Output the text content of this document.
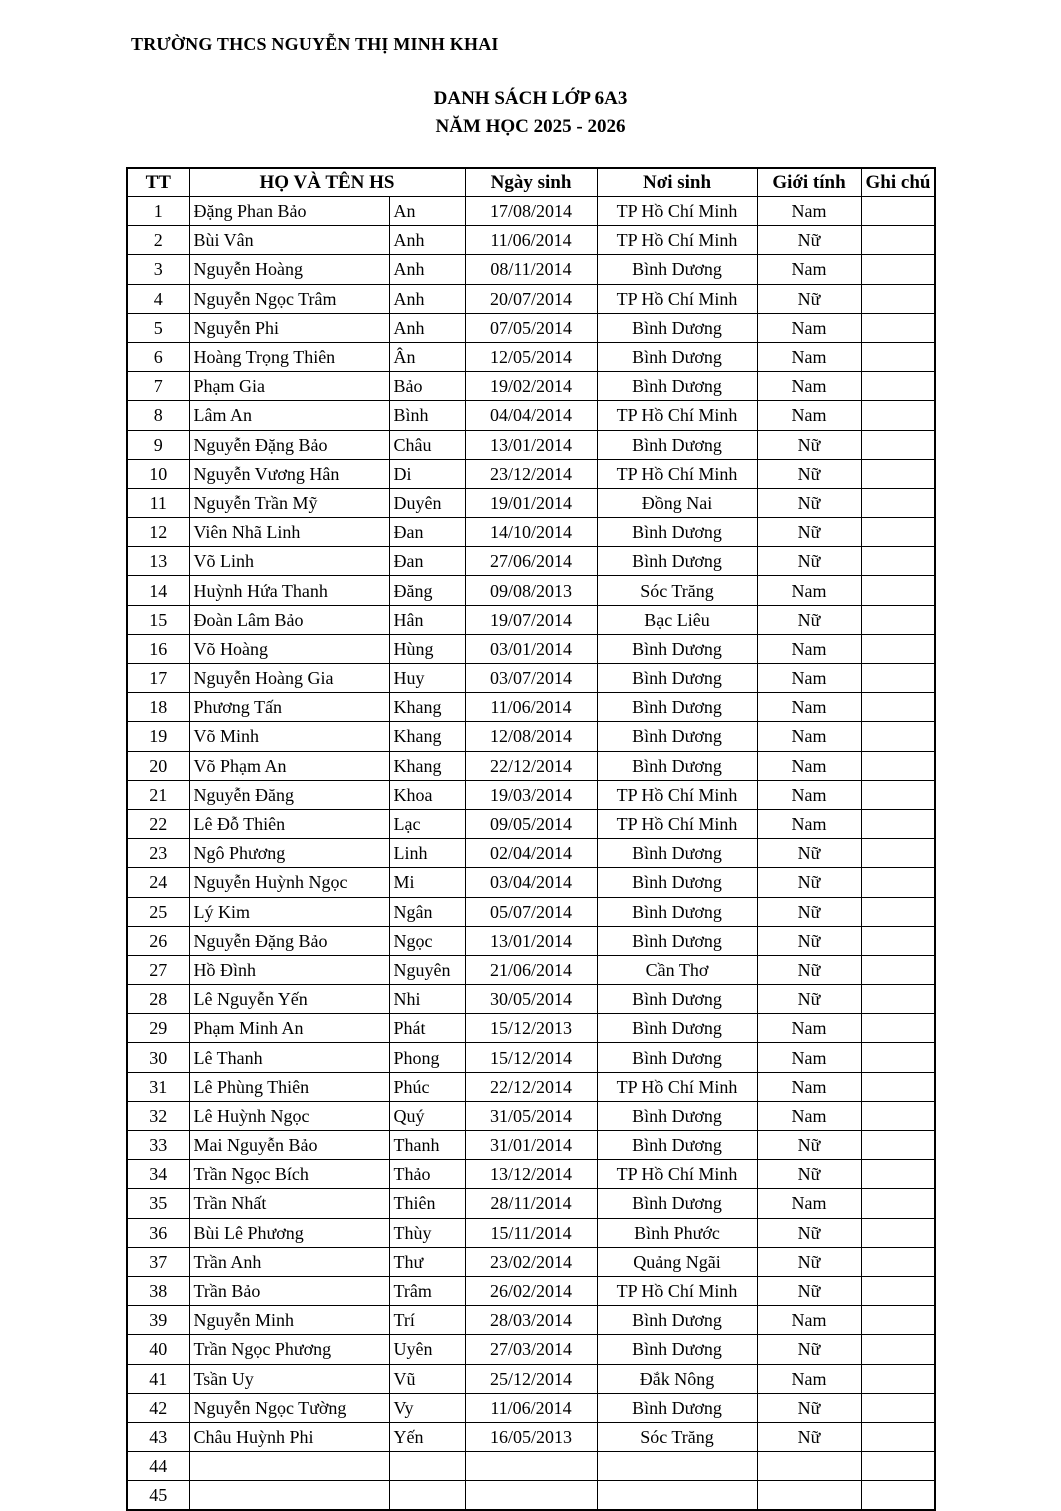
TRƯỜNG THCS NGUYỄN THỊ MINH KHAI
DANH SÁCH LỚP 6A3
NĂM HỌC 2025 - 2026
TT	HỌ VÀ TÊN HS		Ngày sinh	Nơi sinh	Giới tính	Ghi chú
1	Đặng Phan Bảo	An	17/08/2014	TP Hồ Chí Minh	Nam	
2	Bùi Vân	Anh	11/06/2014	TP Hồ Chí Minh	Nữ	
3	Nguyễn Hoàng	Anh	08/11/2014	Bình Dương	Nam	
4	Nguyễn Ngọc Trâm	Anh	20/07/2014	TP Hồ Chí Minh	Nữ	
5	Nguyễn Phi	Anh	07/05/2014	Bình Dương	Nam	
6	Hoàng Trọng Thiên	Ân	12/05/2014	Bình Dương	Nam	
7	Phạm Gia	Bảo	19/02/2014	Bình Dương	Nam	
8	Lâm An	Bình	04/04/2014	TP Hồ Chí Minh	Nam	
9	Nguyễn Đặng Bảo	Châu	13/01/2014	Bình Dương	Nữ	
10	Nguyễn Vương Hân	Di	23/12/2014	TP Hồ Chí Minh	Nữ	
11	Nguyễn Trần Mỹ	Duyên	19/01/2014	Đồng Nai	Nữ	
12	Viên Nhã Linh	Đan	14/10/2014	Bình Dương	Nữ	
13	Võ Linh	Đan	27/06/2014	Bình Dương	Nữ	
14	Huỳnh Hứa Thanh	Đăng	09/08/2013	Sóc Trăng	Nam	
15	Đoàn Lâm Bảo	Hân	19/07/2014	Bạc Liêu	Nữ	
16	Võ Hoàng	Hùng	03/01/2014	Bình Dương	Nam	
17	Nguyễn Hoàng Gia	Huy	03/07/2014	Bình Dương	Nam	
18	Phương Tấn	Khang	11/06/2014	Bình Dương	Nam	
19	Võ Minh	Khang	12/08/2014	Bình Dương	Nam	
20	Võ Phạm An	Khang	22/12/2014	Bình Dương	Nam	
21	Nguyễn Đăng	Khoa	19/03/2014	TP Hồ Chí Minh	Nam	
22	Lê Đỗ Thiên	Lạc	09/05/2014	TP Hồ Chí Minh	Nam	
23	Ngô Phương	Linh	02/04/2014	Bình Dương	Nữ	
24	Nguyễn Huỳnh Ngọc	Mi	03/04/2014	Bình Dương	Nữ	
25	Lý Kim	Ngân	05/07/2014	Bình Dương	Nữ	
26	Nguyễn Đặng Bảo	Ngọc	13/01/2014	Bình Dương	Nữ	
27	Hồ Đình	Nguyên	21/06/2014	Cần Thơ	Nữ	
28	Lê Nguyễn Yến	Nhi	30/05/2014	Bình Dương	Nữ	
29	Phạm Minh An	Phát	15/12/2013	Bình Dương	Nam	
30	Lê Thanh	Phong	15/12/2014	Bình Dương	Nam	
31	Lê Phùng Thiên	Phúc	22/12/2014	TP Hồ Chí Minh	Nam	
32	Lê Huỳnh Ngọc	Quý	31/05/2014	Bình Dương	Nam	
33	Mai Nguyễn Bảo	Thanh	31/01/2014	Bình Dương	Nữ	
34	Trần Ngọc Bích	Thảo	13/12/2014	TP Hồ Chí Minh	Nữ	
35	Trần Nhất	Thiên	28/11/2014	Bình Dương	Nam	
36	Bùi Lê Phương	Thùy	15/11/2014	Bình Phước	Nữ	
37	Trần Anh	Thư	23/02/2014	Quảng Ngãi	Nữ	
38	Trần Bảo	Trâm	26/02/2014	TP Hồ Chí Minh	Nữ	
39	Nguyễn Minh	Trí	28/03/2014	Bình Dương	Nam	
40	Trần Ngọc Phương	Uyên	27/03/2014	Bình Dương	Nữ	
41	Tsần Uy	Vũ	25/12/2014	Đắk Nông	Nam	
42	Nguyễn Ngọc Tường	Vy	11/06/2014	Bình Dương	Nữ	
43	Châu Huỳnh Phi	Yến	16/05/2013	Sóc Trăng	Nữ	
44						
45						
